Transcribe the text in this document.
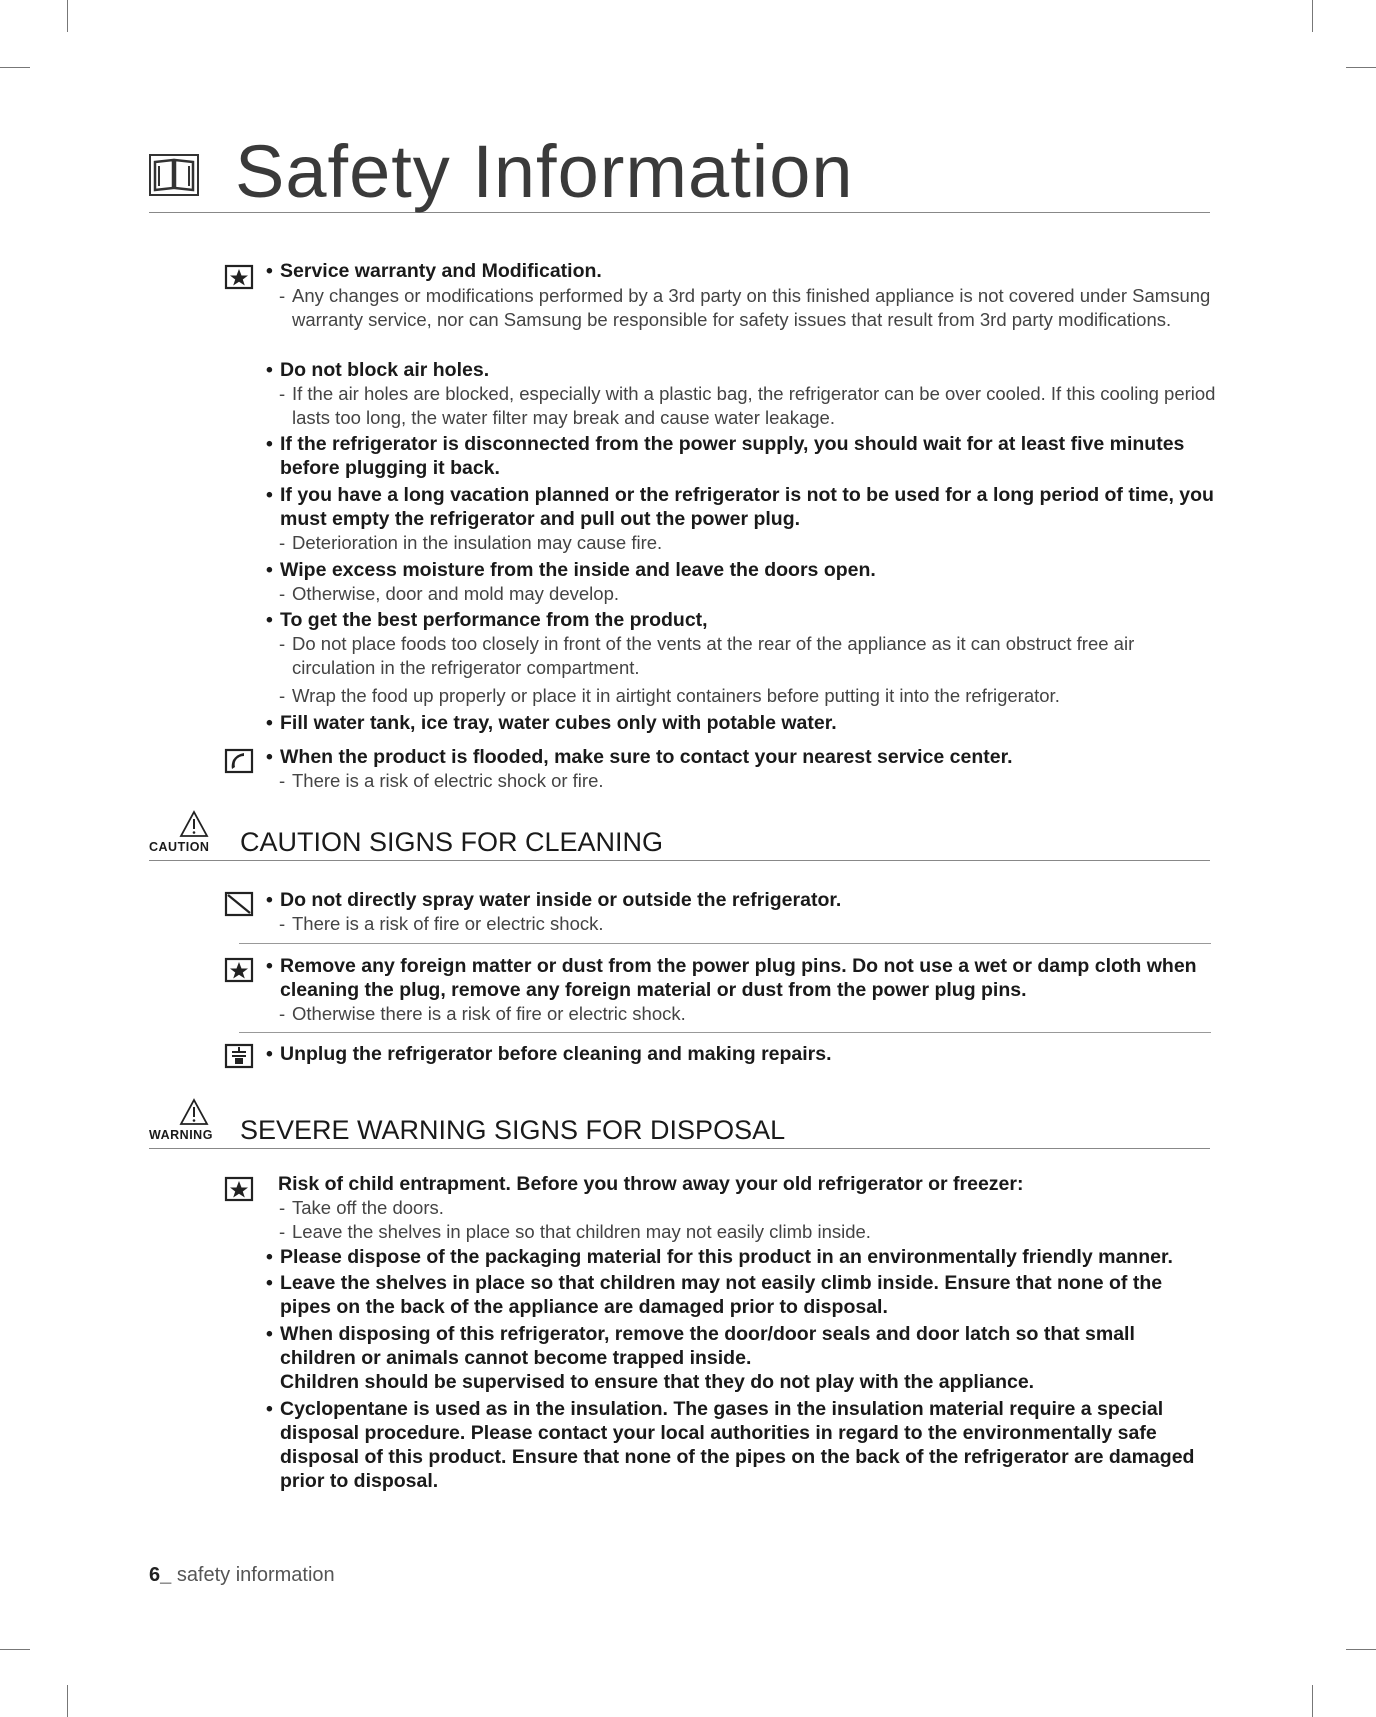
Safety Information
• Service warranty and Modification.
- Any changes or modifications performed by a 3rd party on this finished appliance is not covered under Samsung warranty service, nor can Samsung be responsible for safety issues that result from 3rd party modifications.
• Do not block air holes.
- If the air holes are blocked, especially with a plastic bag, the refrigerator can be over cooled. If this cooling period lasts too long, the water filter may break and cause water leakage.
• If the refrigerator is disconnected from the power supply, you should wait for at least five minutes before plugging it back.
• If you have a long vacation planned or the refrigerator is not to be used for a long period of time, you must empty the refrigerator and pull out the power plug.
- Deterioration in the insulation may cause fire.
• Wipe excess moisture from the inside and leave the doors open.
- Otherwise, door and mold may develop.
• To get the best performance from the product,
- Do not place foods too closely in front of the vents at the rear of the appliance as it can obstruct free air circulation in the refrigerator compartment.
- Wrap the food up properly or place it in airtight containers before putting it into the refrigerator.
• Fill water tank, ice tray, water cubes only with potable water.
• When the product is flooded, make sure to contact your nearest service center.
- There is a risk of electric shock or fire.
CAUTION CAUTION SIGNS FOR CLEANING
• Do not directly spray water inside or outside the refrigerator.
- There is a risk of fire or electric shock.
• Remove any foreign matter or dust from the power plug pins. Do not use a wet or damp cloth when cleaning the plug, remove any foreign material or dust from the power plug pins.
- Otherwise there is a risk of fire or electric shock.
• Unplug the refrigerator before cleaning and making repairs.
WARNING SEVERE WARNING SIGNS FOR DISPOSAL
Risk of child entrapment. Before you throw away your old refrigerator or freezer:
- Take off the doors.
- Leave the shelves in place so that children may not easily climb inside.
• Please dispose of the packaging material for this product in an environmentally friendly manner.
• Leave the shelves in place so that children may not easily climb inside. Ensure that none of the pipes on the back of the appliance are damaged prior to disposal.
• When disposing of this refrigerator, remove the door/door seals and door latch so that small children or animals cannot become trapped inside.
Children should be supervised to ensure that they do not play with the appliance.
• Cyclopentane is used as in the insulation. The gases in the insulation material require a special disposal procedure. Please contact your local authorities in regard to the environmentally safe disposal of this product. Ensure that none of the pipes on the back of the refrigerator are damaged prior to disposal.
6_ safety information
